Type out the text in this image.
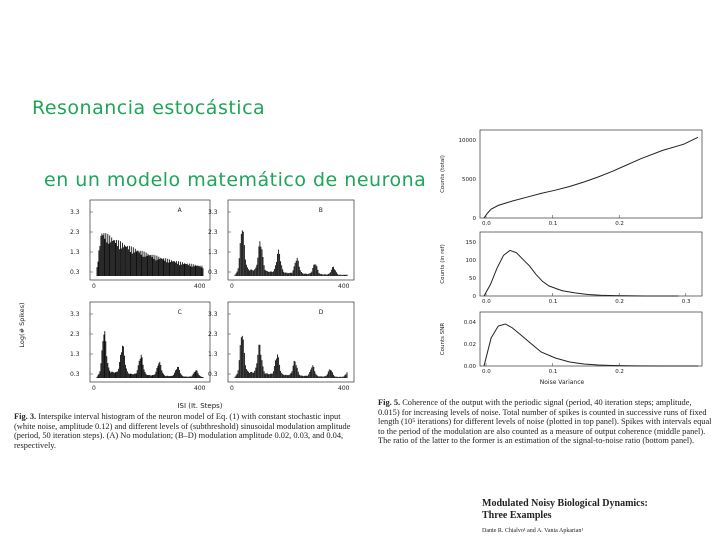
Resonancia estocástica

en un modelo matemático de neurona

Log(# Spikes)
3.3
2.3
1.3
0.3
0	400
A	3.3
2.3
1.3
0.3
0	400
B
3.3
2.3
1.3
0.3
0	400
C	3.3
2.3
1.3
0.3
0	400
D
ISI (It. Steps)
Counts (total)
10000
5000
0
0.0	0.1	0.2
Counts (in ref)
150
100
50
0
0.0	0.1	0.2	0.3
Counts SNR	0.04
0.02
0.00
0.0	0.1	0.2
Noise Variance
Fig. 3. Interspike interval histogram of the neuron model of Eq. (1) with constant stochastic input (white noise, amplitude 0.12) and different levels of (subthreshold) sinusoidal modulation amplitude (period, 50 iteration steps). (A) No modulation; (B–D) modulation amplitude 0.02, 0.03, and 0.04, respectively.
Fig. 5. Coherence of the output with the periodic signal (period, 40 iteration steps; amplitude, 0.015) for increasing levels of noise. Total number of spikes is counted in successive runs of fixed length (10⁵ iterations) for different levels of noise (plotted in top panel). Spikes with intervals equal to the period of the modulation are also counted as a measure of output coherence (middle panel). The ratio of the latter to the former is an estimation of the signal-to-noise ratio (bottom panel).
Modulated Noisy Biological Dynamics:
Three Examples
Dante R. Chialvo¹ and A. Vania Apkarian¹
